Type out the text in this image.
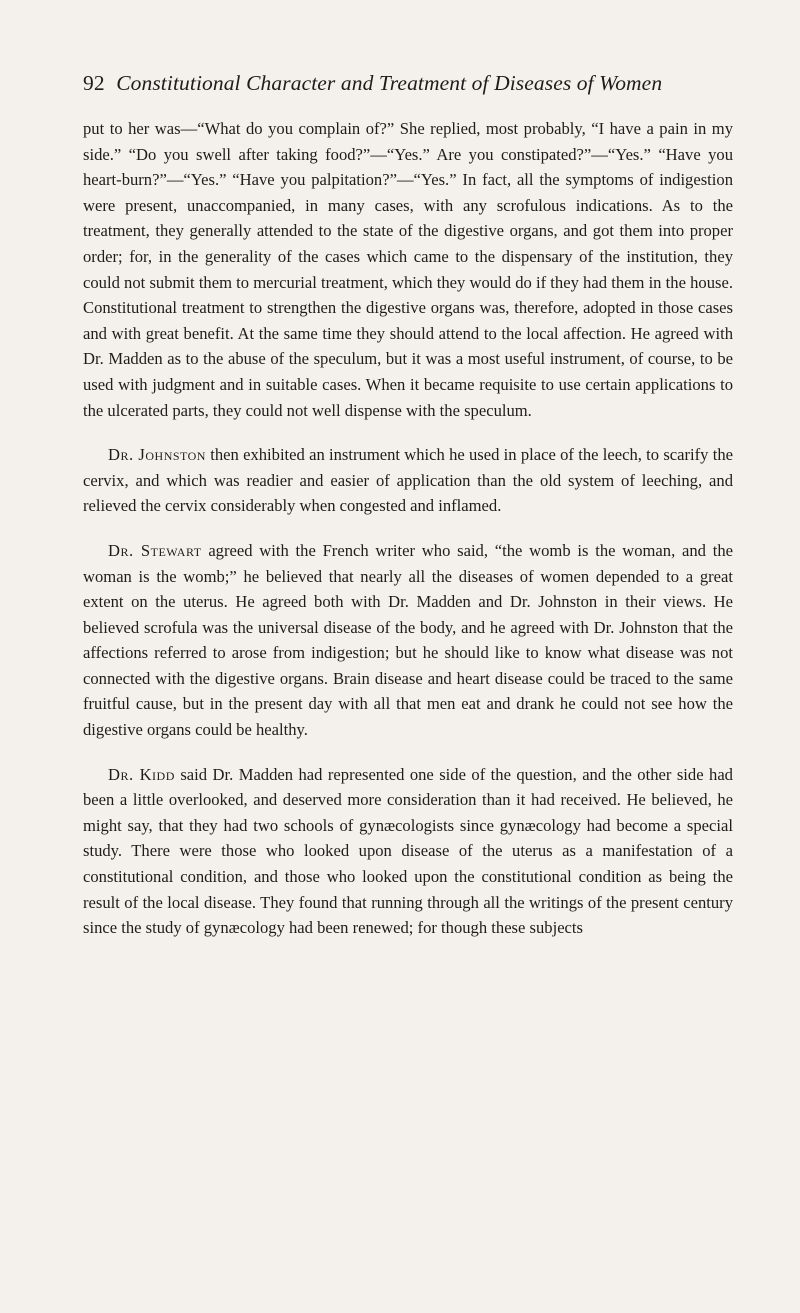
92 Constitutional Character and Treatment of Diseases of Women

put to her was—“What do you complain of?” She replied, most probably, “I have a pain in my side.” “Do you swell after taking food?”—“Yes.” Are you constipated?”—“Yes.” “Have you heart-burn?”—“Yes.” “Have you palpitation?”—“Yes.” In fact, all the symptoms of indigestion were present, unaccompanied, in many cases, with any scrofulous indications. As to the treatment, they generally attended to the state of the digestive organs, and got them into proper order; for, in the generality of the cases which came to the dispensary of the institution, they could not submit them to mercurial treatment, which they would do if they had them in the house. Constitutional treatment to strengthen the digestive organs was, therefore, adopted in those cases and with great benefit. At the same time they should attend to the local affection. He agreed with Dr. Madden as to the abuse of the speculum, but it was a most useful instrument, of course, to be used with judgment and in suitable cases. When it became requisite to use certain applications to the ulcerated parts, they could not well dispense with the speculum.

Dr. Johnston then exhibited an instrument which he used in place of the leech, to scarify the cervix, and which was readier and easier of application than the old system of leeching, and relieved the cervix considerably when congested and inflamed.

Dr. Stewart agreed with the French writer who said, “the womb is the woman, and the woman is the womb;” he believed that nearly all the diseases of women depended to a great extent on the uterus. He agreed both with Dr. Madden and Dr. Johnston in their views. He believed scrofula was the universal disease of the body, and he agreed with Dr. Johnston that the affections referred to arose from indigestion; but he should like to know what disease was not connected with the digestive organs. Brain disease and heart disease could be traced to the same fruitful cause, but in the present day with all that men eat and drank he could not see how the digestive organs could be healthy.

Dr. Kidd said Dr. Madden had represented one side of the question, and the other side had been a little overlooked, and deserved more consideration than it had received. He believed, he might say, that they had two schools of gynæcologists since gynæcology had become a special study. There were those who looked upon disease of the uterus as a manifestation of a constitutional condition, and those who looked upon the constitutional condition as being the result of the local disease. They found that running through all the writings of the present century since the study of gynæcology had been renewed; for though these subjects
